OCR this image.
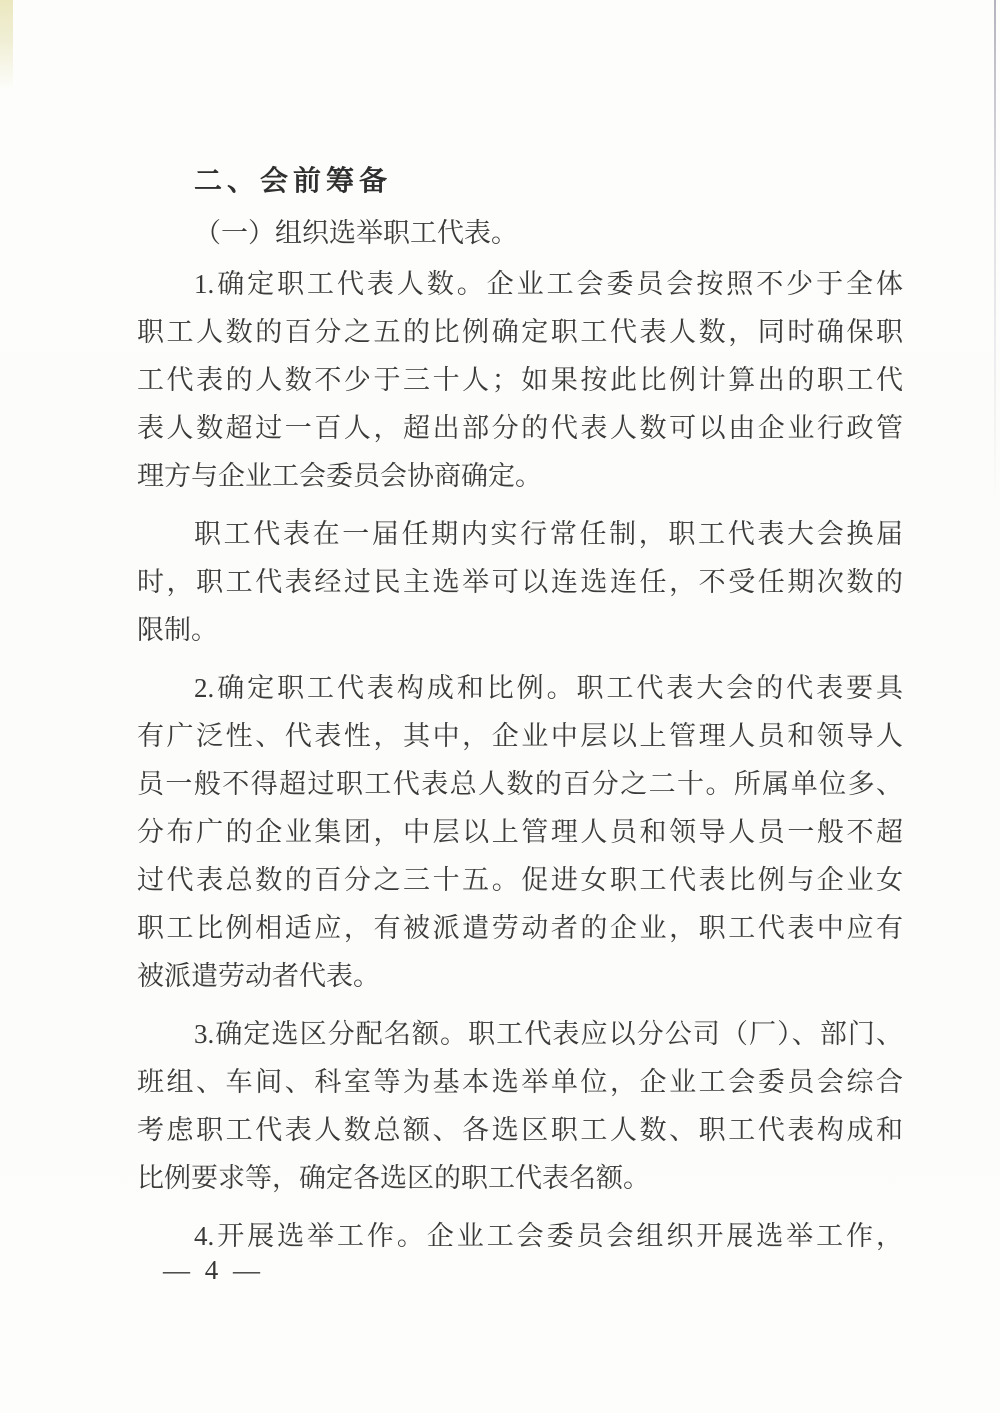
二、会前筹备
（一）组织选举职工代表。
1.确定职工代表人数。企业工会委员会按照不少于全体
职工人数的百分之五的比例确定职工代表人数，同时确保职
工代表的人数不少于三十人；如果按此比例计算出的职工代
表人数超过一百人，超出部分的代表人数可以由企业行政管
理方与企业工会委员会协商确定。
职工代表在一届任期内实行常任制，职工代表大会换届
时，职工代表经过民主选举可以连选连任，不受任期次数的
限制。
2.确定职工代表构成和比例。职工代表大会的代表要具
有广泛性、代表性，其中，企业中层以上管理人员和领导人
员一般不得超过职工代表总人数的百分之二十。所属单位多、
分布广的企业集团，中层以上管理人员和领导人员一般不超
过代表总数的百分之三十五。促进女职工代表比例与企业女
职工比例相适应，有被派遣劳动者的企业，职工代表中应有
被派遣劳动者代表。
3.确定选区分配名额。职工代表应以分公司（厂）、部门、
班组、车间、科室等为基本选举单位，企业工会委员会综合
考虑职工代表人数总额、各选区职工人数、职工代表构成和
比例要求等，确定各选区的职工代表名额。
4.开展选举工作。企业工会委员会组织开展选举工作，
— 4 —
